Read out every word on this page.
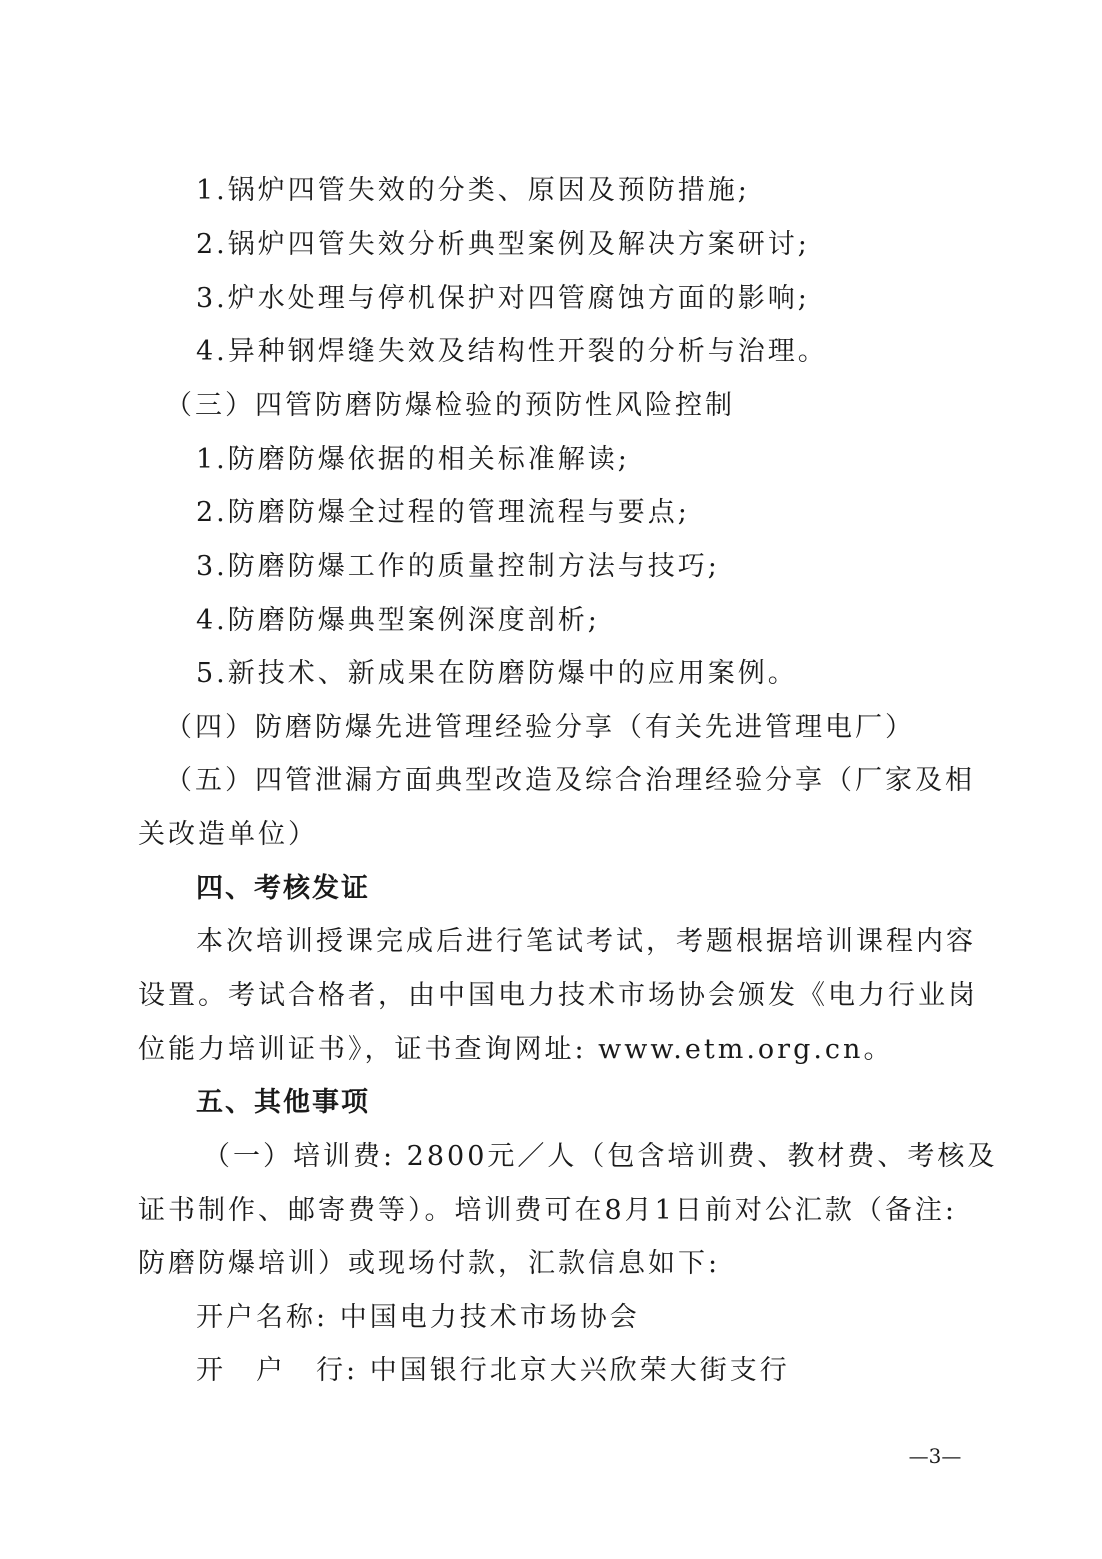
1.锅炉四管失效的分类、原因及预防措施;
2.锅炉四管失效分析典型案例及解决方案研讨;
3.炉水处理与停机保护对四管腐蚀方面的影响;
4.异种钢焊缝失效及结构性开裂的分析与治理。
（三）四管防磨防爆检验的预防性风险控制
1.防磨防爆依据的相关标准解读;
2.防磨防爆全过程的管理流程与要点;
3.防磨防爆工作的质量控制方法与技巧;
4.防磨防爆典型案例深度剖析;
5.新技术、新成果在防磨防爆中的应用案例。
（四）防磨防爆先进管理经验分享（有关先进管理电厂）
（五）四管泄漏方面典型改造及综合治理经验分享（厂家及相
关改造单位）
四、考核发证
本次培训授课完成后进行笔试考试，考题根据培训课程内容
设置。考试合格者，由中国电力技术市场协会颁发《电力行业岗
位能力培训证书》，证书查询网址: www.etm.org.cn。
五、其他事项
（一）培训费: 2800元／人（包含培训费、教材费、考核及
证书制作、邮寄费等）。培训费可在8月1日前对公汇款（备注:
防磨防爆培训）或现场付款，汇款信息如下:
开户名称: 中国电力技术市场协会
开　户　行: 中国银行北京大兴欣荣大街支行
—3—
